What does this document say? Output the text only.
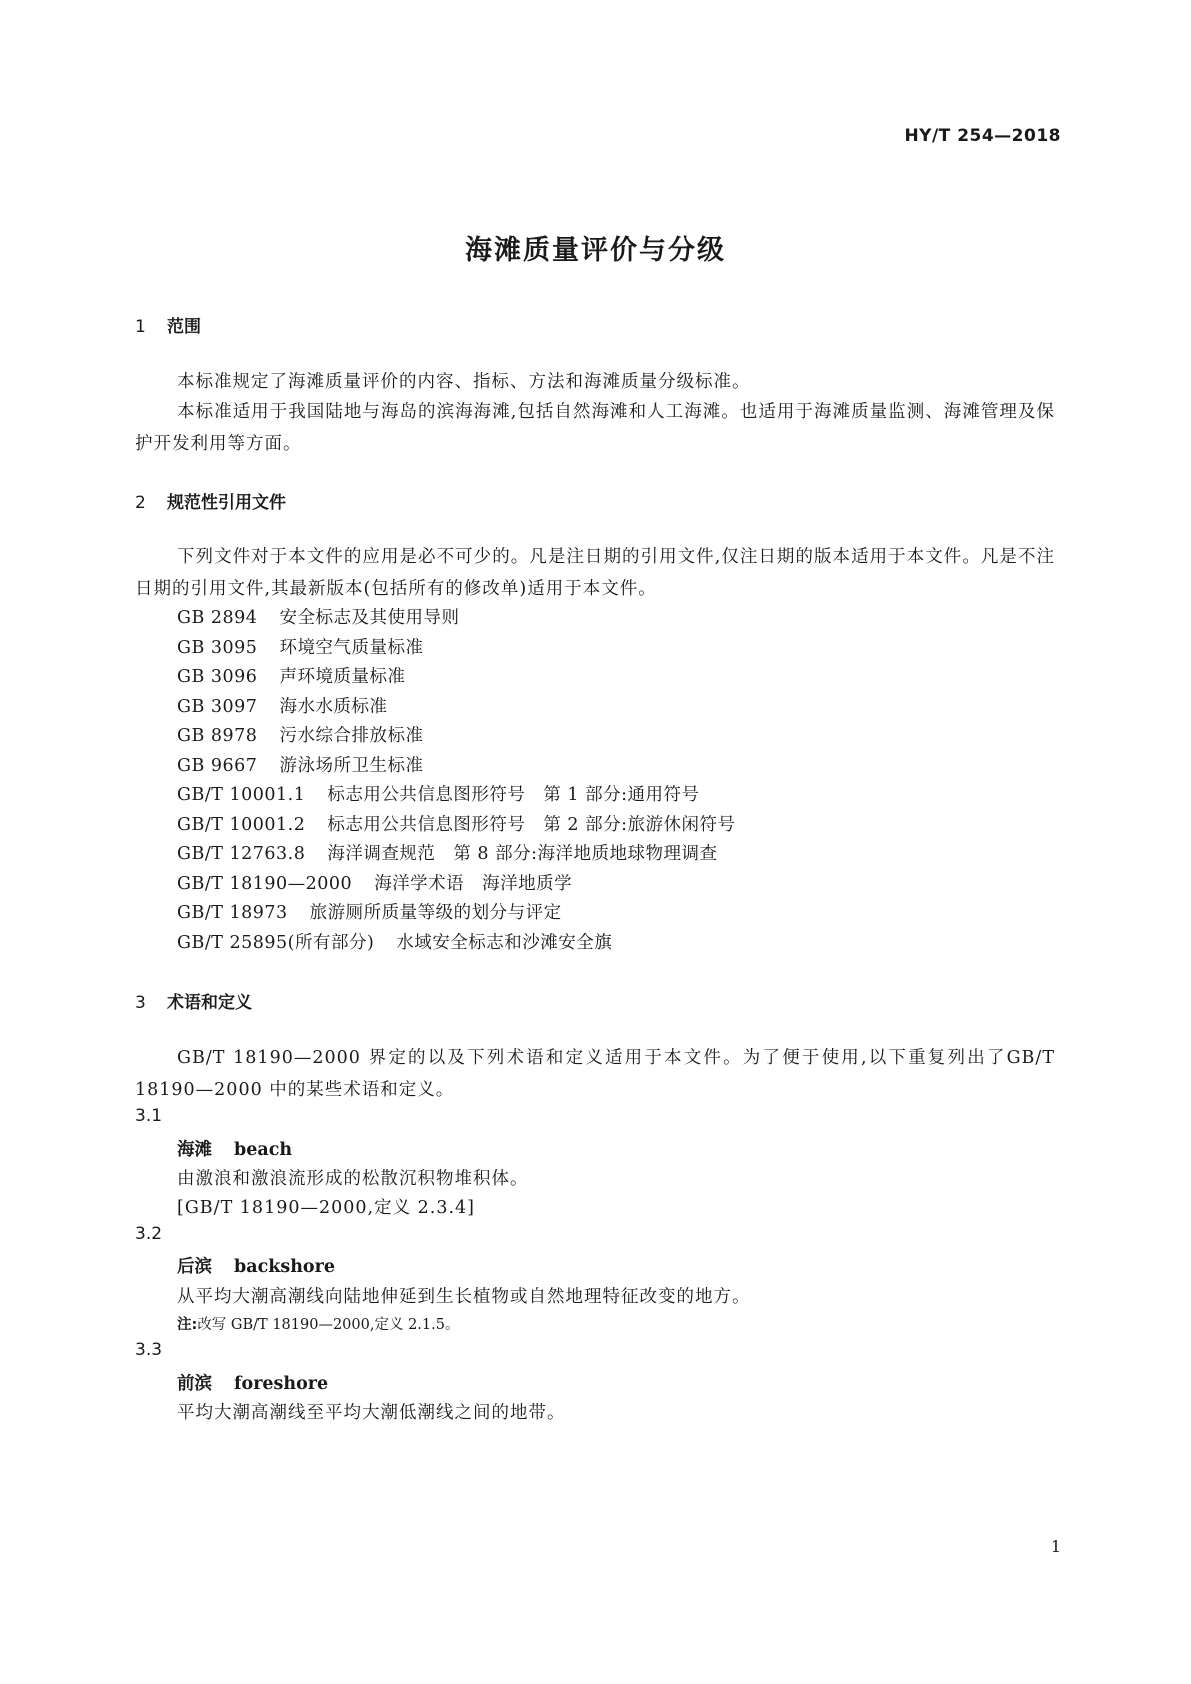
HY/T 254—2018
海滩质量评价与分级
1 范围
本标准规定了海滩质量评价的内容、指标、方法和海滩质量分级标准。
本标准适用于我国陆地与海岛的滨海海滩,包括自然海滩和人工海滩。也适用于海滩质量监测、海滩管理及保护开发利用等方面。
2 规范性引用文件
下列文件对于本文件的应用是必不可少的。凡是注日期的引用文件,仅注日期的版本适用于本文件。凡是不注日期的引用文件,其最新版本(包括所有的修改单)适用于本文件。
GB 2894 安全标志及其使用导则
GB 3095 环境空气质量标准
GB 3096 声环境质量标准
GB 3097 海水水质标准
GB 8978 污水综合排放标准
GB 9667 游泳场所卫生标准
GB/T 10001.1 标志用公共信息图形符号　第 1 部分:通用符号
GB/T 10001.2 标志用公共信息图形符号　第 2 部分:旅游休闲符号
GB/T 12763.8 海洋调查规范　第 8 部分:海洋地质地球物理调查
GB/T 18190—2000 海洋学术语　海洋地质学
GB/T 18973 旅游厕所质量等级的划分与评定
GB/T 25895(所有部分) 水域安全标志和沙滩安全旗
3 术语和定义
GB/T 18190—2000 界定的以及下列术语和定义适用于本文件。为了便于使用,以下重复列出了GB/T 18190—2000 中的某些术语和定义。
3.1
海滩 beach
由激浪和激浪流形成的松散沉积物堆积体。
[GB/T 18190—2000,定义 2.3.4]
3.2
后滨 backshore
从平均大潮高潮线向陆地伸延到生长植物或自然地理特征改变的地方。
注:改写 GB/T 18190—2000,定义 2.1.5。
3.3
前滨 foreshore
平均大潮高潮线至平均大潮低潮线之间的地带。
1
